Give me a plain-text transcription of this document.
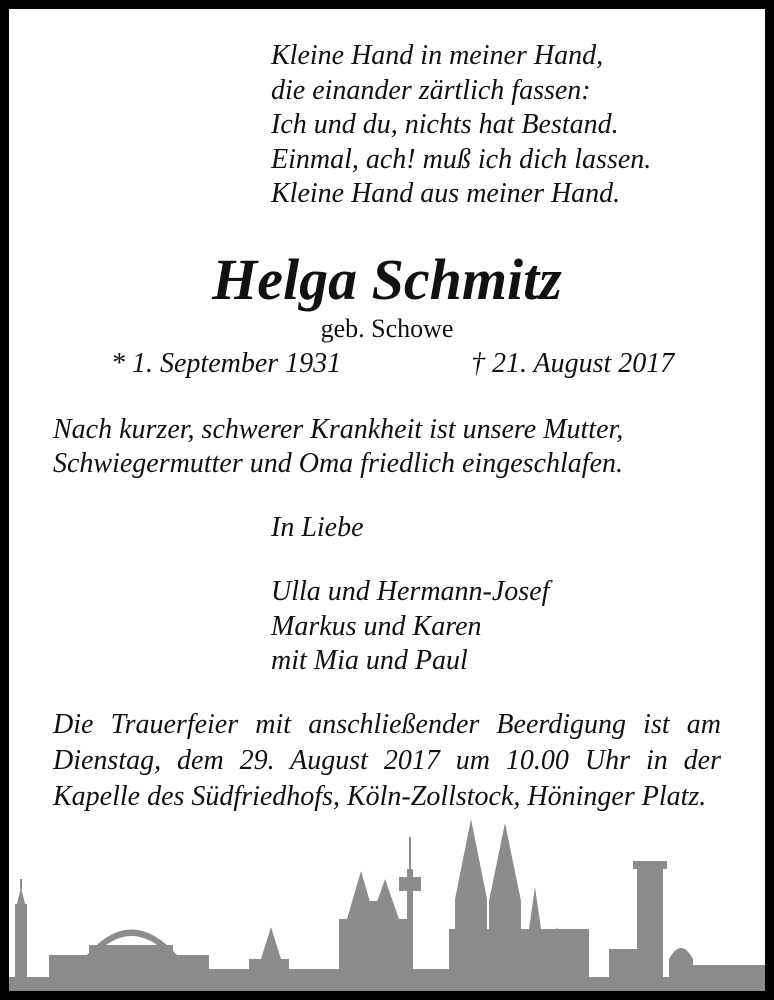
Kleine Hand in meiner Hand,
die einander zärtlich fassen:
Ich und du, nichts hat Bestand.
Einmal, ach! muß ich dich lassen.
Kleine Hand aus meiner Hand.
Helga Schmitz
geb. Schowe
* 1. September 1931	† 21. August 2017
Nach kurzer, schwerer Krankheit ist unsere Mutter,
Schwiegermutter und Oma friedlich eingeschlafen.
In Liebe
Ulla und Hermann-Josef
Markus und Karen
mit Mia und Paul
Die Trauerfeier mit anschließender Beerdigung ist am Dienstag, dem 29. August 2017 um 10.00 Uhr in der Kapelle des Südfriedhofs, Köln-Zollstock, Höninger Platz.
